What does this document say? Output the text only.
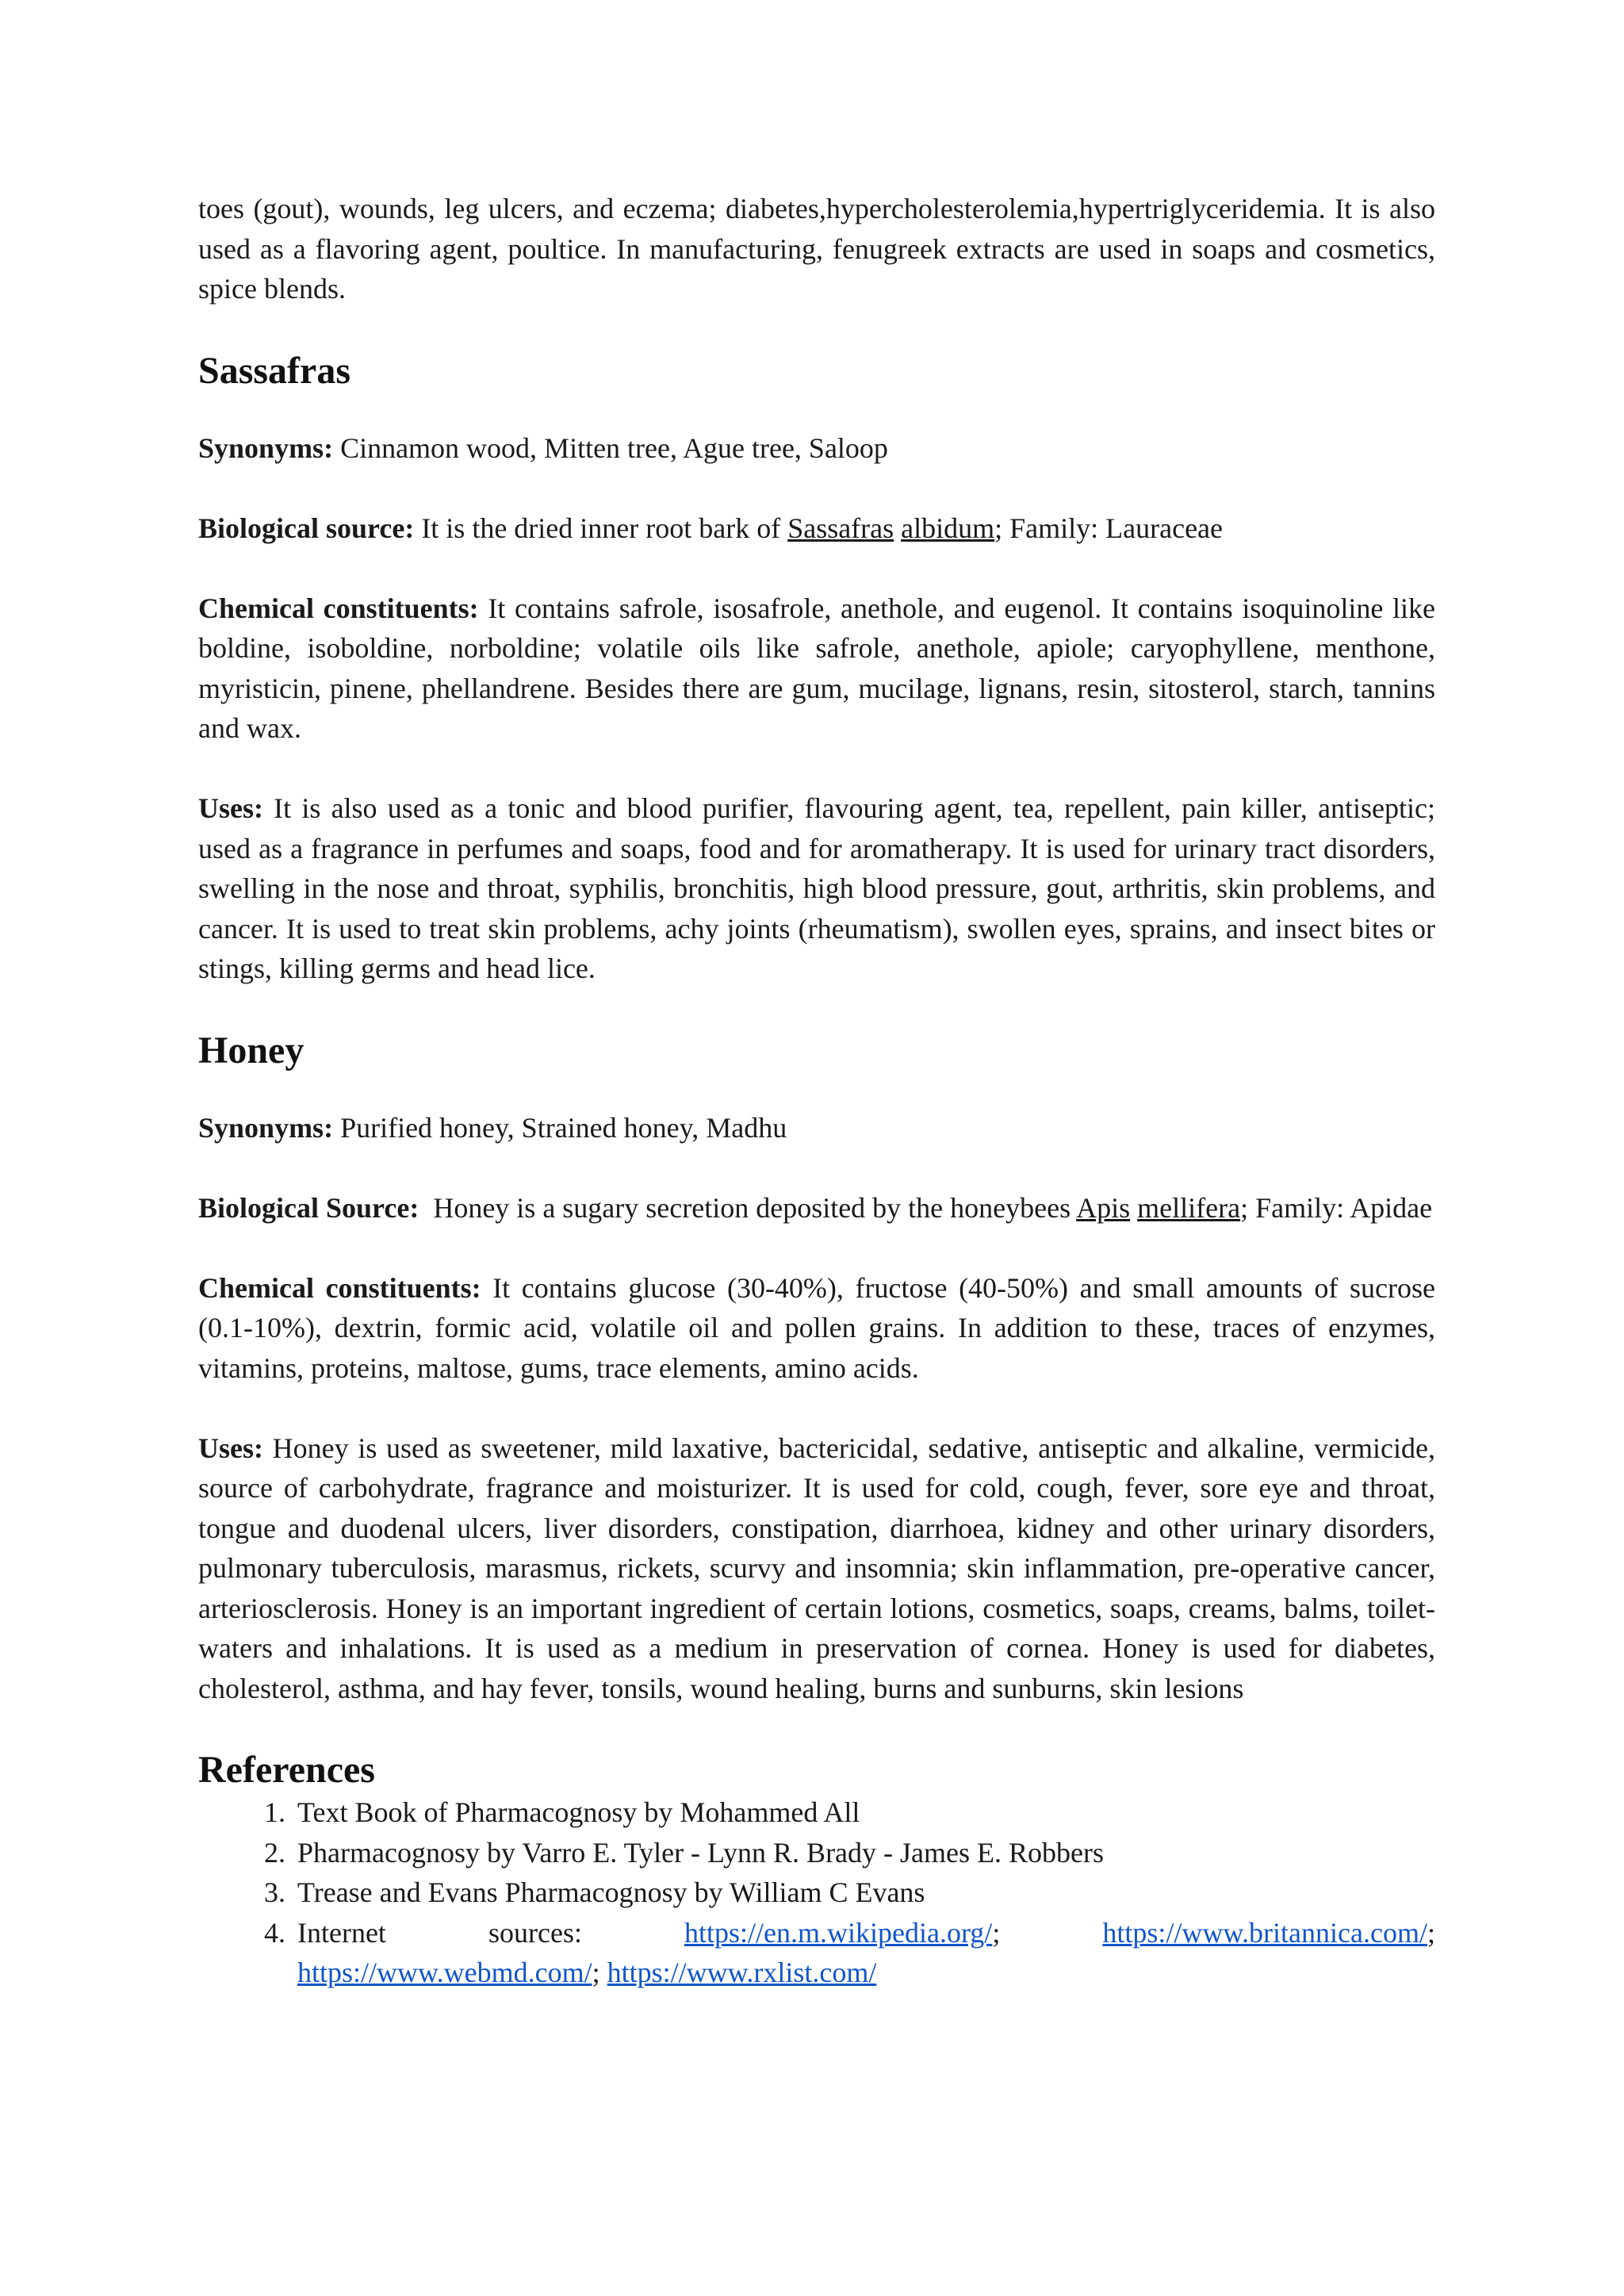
toes (gout), wounds, leg ulcers, and eczema; diabetes,hypercholesterolemia,hypertriglyceridemia. It is also used as a flavoring agent, poultice. In manufacturing, fenugreek extracts are used in soaps and cosmetics, spice blends.

Sassafras

Synonyms: Cinnamon wood, Mitten tree, Ague tree, Saloop

Biological source: It is the dried inner root bark of Sassafras albidum; Family: Lauraceae

Chemical constituents: It contains safrole, isosafrole, anethole, and eugenol. It contains isoquinoline like boldine, isoboldine, norboldine; volatile oils like safrole, anethole, apiole; caryophyllene, menthone, myristicin, pinene, phellandrene. Besides there are gum, mucilage, lignans, resin, sitosterol, starch, tannins and wax.

Uses: It is also used as a tonic and blood purifier, flavouring agent, tea, repellent, pain killer, antiseptic; used as a fragrance in perfumes and soaps, food and for aromatherapy. It is used for urinary tract disorders, swelling in the nose and throat, syphilis, bronchitis, high blood pressure, gout, arthritis, skin problems, and cancer. It is used to treat skin problems, achy joints (rheumatism), swollen eyes, sprains, and insect bites or stings, killing germs and head lice.

Honey

Synonyms: Purified honey, Strained honey, Madhu

Biological Source:  Honey is a sugary secretion deposited by the honeybees Apis mellifera; Family: Apidae

Chemical constituents: It contains glucose (30-40%), fructose (40-50%) and small amounts of sucrose (0.1-10%), dextrin, formic acid, volatile oil and pollen grains. In addition to these, traces of enzymes, vitamins, proteins, maltose, gums, trace elements, amino acids.

Uses: Honey is used as sweetener, mild laxative, bactericidal, sedative, antiseptic and alkaline, vermicide, source of carbohydrate, fragrance and moisturizer. It is used for cold, cough, fever, sore eye and throat, tongue and duodenal ulcers, liver disorders, constipation, diarrhoea, kidney and other urinary disorders, pulmonary tuberculosis, marasmus, rickets, scurvy and insomnia; skin inflammation, pre-operative cancer, arteriosclerosis. Honey is an important ingredient of certain lotions, cosmetics, soaps, creams, balms, toilet-waters and inhalations. It is used as a medium in preservation of cornea. Honey is used for diabetes, cholesterol, asthma, and hay fever, tonsils, wound healing, burns and sunburns, skin lesions

References
1. Text Book of Pharmacognosy by Mohammed All
2. Pharmacognosy by Varro E. Tyler - Lynn R. Brady - James E. Robbers
3. Trease and Evans Pharmacognosy by William C Evans
4. Internet	sources:	https://en.m.wikipedia.org/;	https://www.britannica.com/;
https://www.webmd.com/; https://www.rxlist.com/
